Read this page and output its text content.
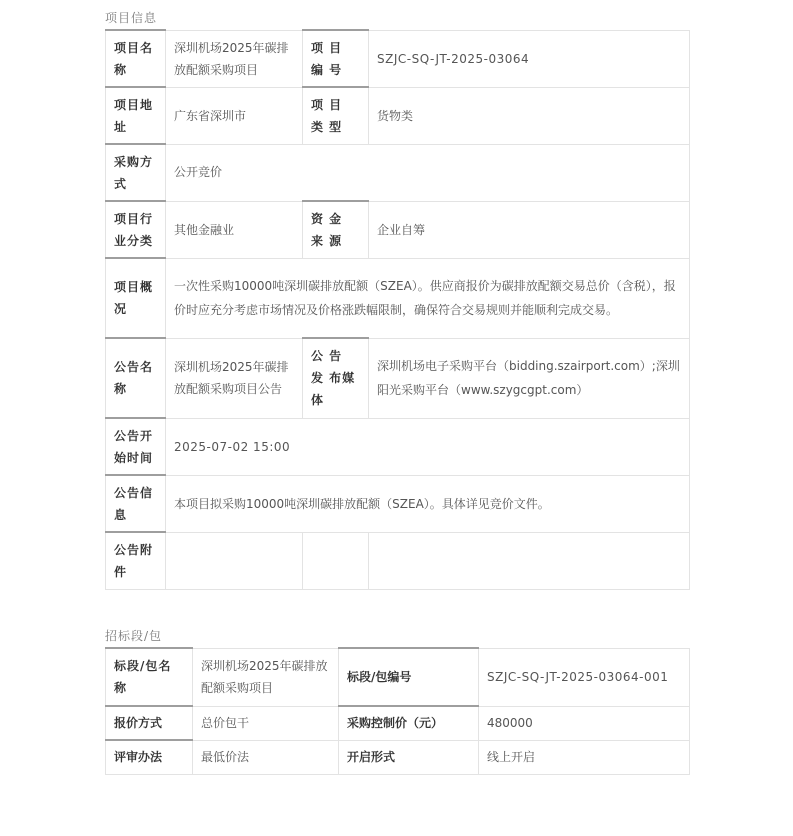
项目信息
项目名称	深圳机场2025年碳排放配额采购项目	项 目 编 号	SZJC-SQ-JT-2025-03064
项目地址	广东省深圳市	项 目 类 型	货物类
采购方式	公开竞价		
项目行业分类	其他金融业	资 金 来 源	企业自筹
项目概况	一次性采购10000吨深圳碳排放配额（SZEA）。供应商报价为碳排放配额交易总价（含税），报价时应充分考虑市场情况及价格涨跌幅限制，确保符合交易规则并能顺利完成交易。		
公告名称	深圳机场2025年碳排放配额采购项目公告	公 告 发 布媒体	深圳机场电子采购平台（bidding.szairport.com）;深圳阳光采购平台（www.szygcgpt.com）
公告开始时间	2025-07-02 15:00		
公告信息	本项目拟采购10000吨深圳碳排放配额（SZEA）。具体详见竞价文件。		
公告附件			
招标段/包
标段/包名称	深圳机场2025年碳排放配额采购项目	标段/包编号	SZJC-SQ-JT-2025-03064-001
报价方式	总价包干	采购控制价（元）	480000
评审办法	最低价法	开启形式	线上开启
